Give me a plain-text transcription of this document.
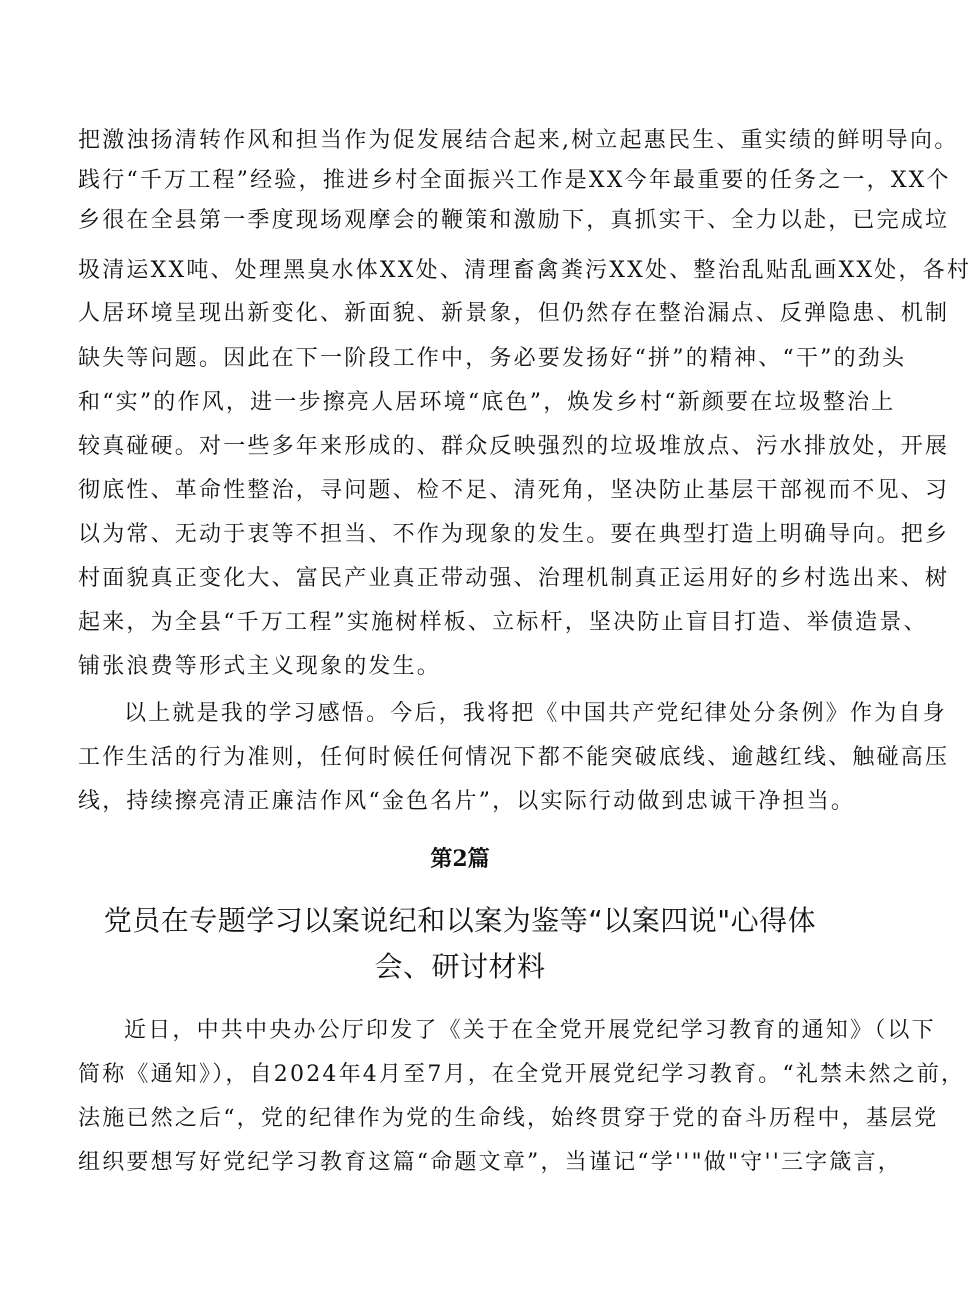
把激浊扬清转作风和担当作为促发展结合起来,树立起惠民生、重实绩的鲜明导向。
践行“千万工程”经验，推进乡村全面振兴工作是XX今年最重要的任务之一，XX个
乡很在全县第一季度现场观摩会的鞭策和激励下，真抓实干、全力以赴，已完成垃
圾清运XX吨、处理黑臭水体XX处、清理畜禽粪污XX处、整治乱贴乱画XX处，各村
人居环境呈现出新变化、新面貌、新景象，但仍然存在整治漏点、反弹隐患、机制
缺失等问题。因此在下一阶段工作中，务必要发扬好“拼”的精神、“干”的劲头
和“实”的作风，进一步擦亮人居环境“底色”，焕发乡村“新颜要在垃圾整治上
较真碰硬。对一些多年来形成的、群众反映强烈的垃圾堆放点、污水排放处，开展
彻底性、革命性整治，寻问题、检不足、清死角，坚决防止基层干部视而不见、习
以为常、无动于衷等不担当、不作为现象的发生。要在典型打造上明确导向。把乡
村面貌真正变化大、富民产业真正带动强、治理机制真正运用好的乡村选出来、树
起来，为全县“千万工程”实施树样板、立标杆，坚决防止盲目打造、举债造景、
铺张浪费等形式主义现象的发生。
以上就是我的学习感悟。今后，我将把《中国共产党纪律处分条例》作为自身
工作生活的行为准则，任何时候任何情况下都不能突破底线、逾越红线、触碰高压
线，持续擦亮清正廉洁作风“金色名片”，以实际行动做到忠诚干净担当。
第2篇
党员在专题学习以案说纪和以案为鉴等“以案四说"心得体
会、研讨材料
近日，中共中央办公厅印发了《关于在全党开展党纪学习教育的通知》（以下
简称《通知》），自2024年4月至7月，在全党开展党纪学习教育。“礼禁未然之前，
法施已然之后“，党的纪律作为党的生命线，始终贯穿于党的奋斗历程中，基层党
组织要想写好党纪学习教育这篇“命题文章”，当谨记“学''"做"守''三字箴言，
